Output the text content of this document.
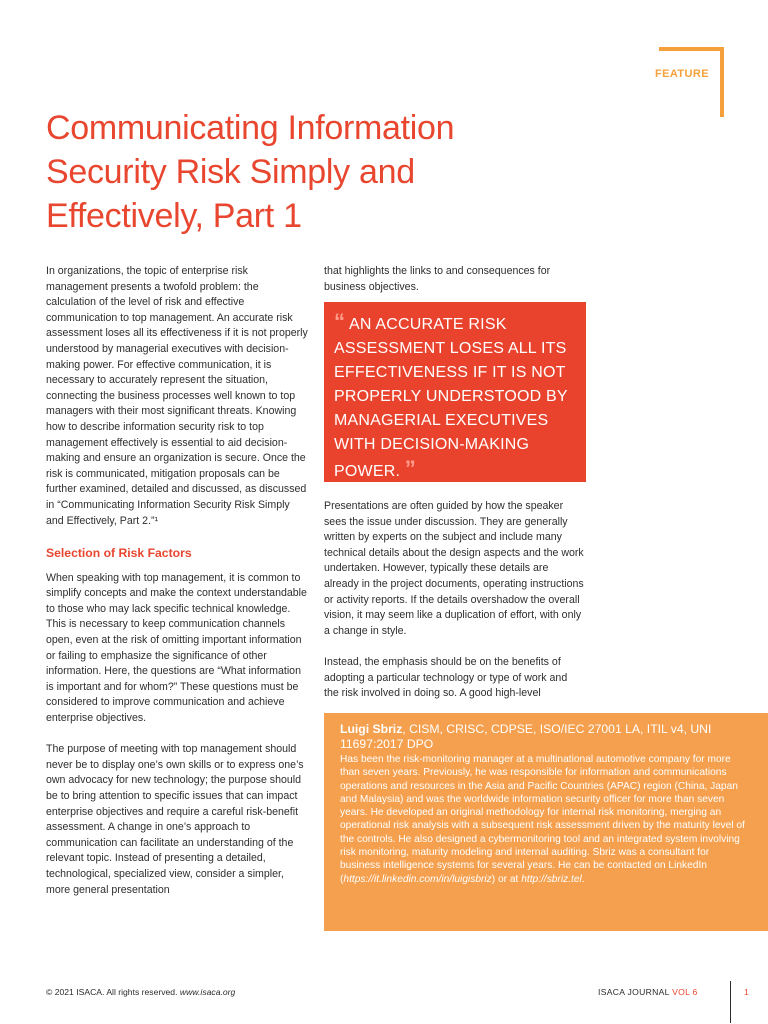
FEATURE
Communicating Information Security Risk Simply and Effectively, Part 1

In organizations, the topic of enterprise risk management presents a twofold problem: the calculation of the level of risk and effective communication to top management. An accurate risk assessment loses all its effectiveness if it is not properly understood by managerial executives with decision-making power. For effective communication, it is necessary to accurately represent the situation, connecting the business processes well known to top managers with their most significant threats. Knowing how to describe information security risk to top management effectively is essential to aid decision-making and ensure an organization is secure. Once the risk is communicated, mitigation proposals can be further examined, detailed and discussed, as discussed in “Communicating Information Security Risk Simply and Effectively, Part 2.”¹

Selection of Risk Factors

When speaking with top management, it is common to simplify concepts and make the context understandable to those who may lack specific technical knowledge. This is necessary to keep communication channels open, even at the risk of omitting important information or failing to emphasize the significance of other information. Here, the questions are “What information is important and for whom?” These questions must be considered to improve communication and achieve enterprise objectives.

The purpose of meeting with top management should never be to display one’s own skills or to express one’s own advocacy for new technology; the purpose should be to bring attention to specific issues that can impact enterprise objectives and require a careful risk-benefit assessment. A change in one’s approach to communication can facilitate an understanding of the relevant topic. Instead of presenting a detailed, technological, specialized view, consider a simpler, more general presentation

that highlights the links to and consequences for business objectives.

“ AN ACCURATE RISK ASSESSMENT LOSES ALL ITS EFFECTIVENESS IF IT IS NOT PROPERLY UNDERSTOOD BY MANAGERIAL EXECUTIVES WITH DECISION-MAKING POWER. ”

Presentations are often guided by how the speaker sees the issue under discussion. They are generally written by experts on the subject and include many technical details about the design aspects and the work undertaken. However, typically these details are already in the project documents, operating instructions or activity reports. If the details overshadow the overall vision, it may seem like a duplication of effort, with only a change in style.

Instead, the emphasis should be on the benefits of adopting a particular technology or type of work and the risk involved in doing so. A good high-level

Luigi Sbriz, CISM, CRISC, CDPSE, ISO/IEC 27001 LA, ITIL v4, UNI 11697:2017 DPO
Has been the risk-monitoring manager at a multinational automotive company for more than seven years. Previously, he was responsible for information and communications operations and resources in the Asia and Pacific Countries (APAC) region (China, Japan and Malaysia) and was the worldwide information security officer for more than seven years. He developed an original methodology for internal risk monitoring, merging an operational risk analysis with a subsequent risk assessment driven by the maturity level of the controls. He also designed a cybermonitoring tool and an integrated system involving risk monitoring, maturity modeling and internal auditing. Sbriz was a consultant for business intelligence systems for several years. He can be contacted on LinkedIn (https://it.linkedin.com/in/luigisbriz) or at http://sbriz.tel.
© 2021 ISACA. All rights reserved. www.isaca.org	ISACA JOURNAL VOL 6	1
